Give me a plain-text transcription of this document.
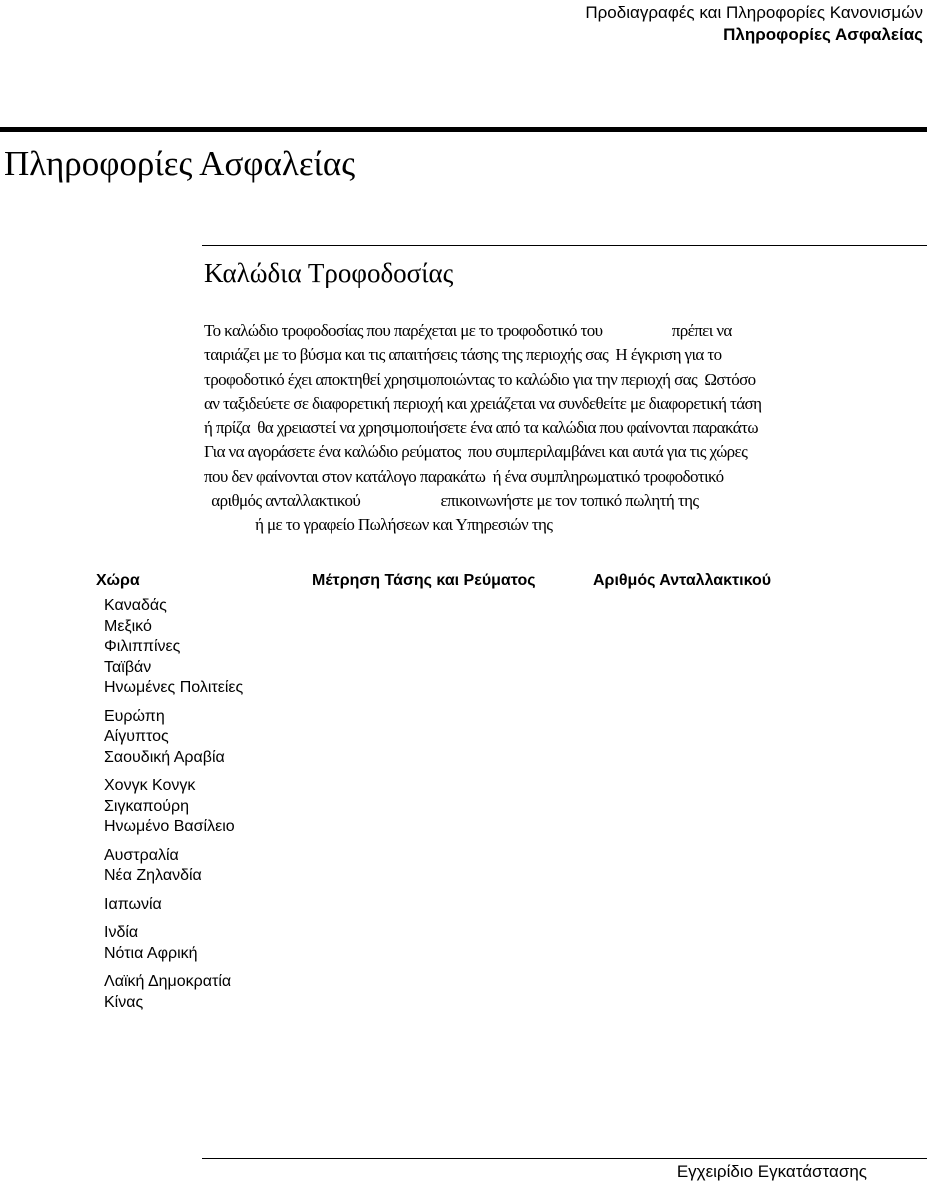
Προδιαγραφές και Πληροφορίες Κανονισμών
Πληροφορίες Ασφαλείας
Πληροφορίες Ασφαλείας
Καλώδια Τροφοδοσίας
Το καλώδιο τροφοδοσίας που παρέχεται με το τροφοδοτικό του                   πρέπει να
ταιριάζει με το βύσμα και τις απαιτήσεις τάσης της περιοχής σας  Η έγκριση για το
τροφοδοτικό έχει αποκτηθεί χρησιμοποιώντας το καλώδιο για την περιοχή σας  Ωστόσο
αν ταξιδεύετε σε διαφορετική περιοχή και χρειάζεται να συνδεθείτε με διαφορετική τάση
ή πρίζα  θα χρειαστεί να χρησιμοποιήσετε ένα από τα καλώδια που φαίνονται παρακάτω
Για να αγοράσετε ένα καλώδιο ρεύματος  που συμπεριλαμβάνει και αυτά για τις χώρες
που δεν φαίνονται στον κατάλογο παρακάτω  ή ένα συμπληρωματικό τροφοδοτικό
αριθμός ανταλλακτικού                      επικοινωνήστε με τον τοπικό πωλητή της
ή με το γραφείο Πωλήσεων και Υπηρεσιών της
Χώρα	Μέτρηση Τάσης και Ρεύματος	Αριθμός Ανταλλακτικού
Καναδάς
Μεξικό
Φιλιππίνες
Ταϊβάν
Ηνωμένες Πολιτείες
Ευρώπη
Αίγυπτος
Σαουδική Αραβία
Χονγκ Κονγκ
Σιγκαπούρη
Ηνωμένο Βασίλειο
Αυστραλία
Νέα Ζηλανδία
Ιαπωνία
Ινδία
Νότια Αφρική
Λαϊκή Δημοκρατία
Κίνας
Εγχειρίδιο Εγκατάστασης
